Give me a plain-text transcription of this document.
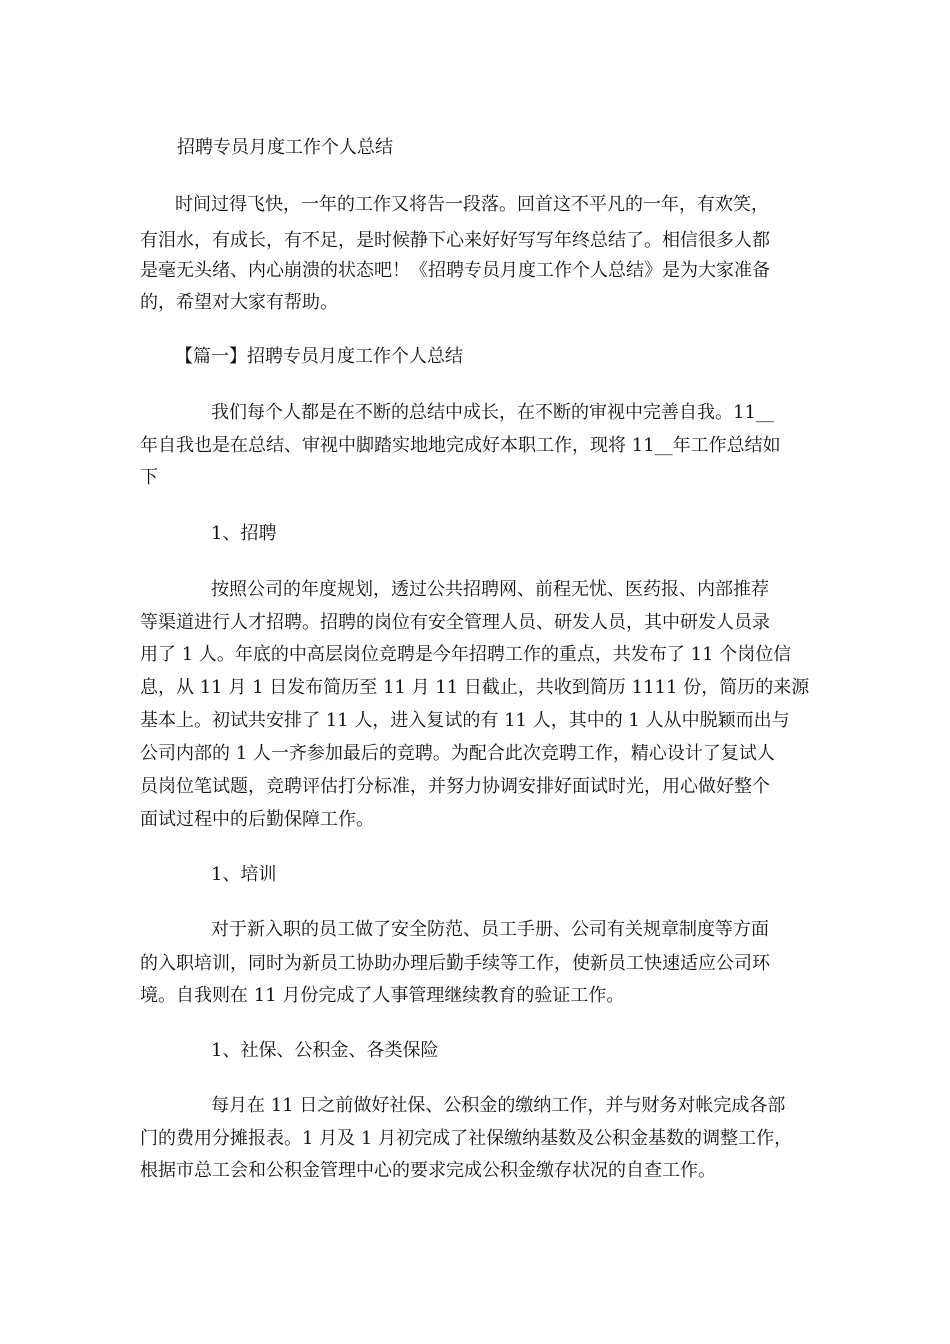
招聘专员月度工作个人总结
时间过得飞快，一年的工作又将告一段落。回首这不平凡的一年，有欢笑，
有泪水，有成长，有不足，是时候静下心来好好写写年终总结了。相信很多人都
是毫无头绪、内心崩溃的状态吧！《招聘专员月度工作个人总结》是为大家准备
的，希望对大家有帮助。
【篇一】招聘专员月度工作个人总结
我们每个人都是在不断的总结中成长，在不断的审视中完善自我。11__
年自我也是在总结、审视中脚踏实地地完成好本职工作，现将 11__年工作总结如
下
1、招聘
按照公司的年度规划，透过公共招聘网、前程无忧、医药报、内部推荐
等渠道进行人才招聘。招聘的岗位有安全管理人员、研发人员，其中研发人员录
用了 1 人。年底的中高层岗位竞聘是今年招聘工作的重点，共发布了 11 个岗位信
息，从 11 月 1 日发布简历至 11 月 11 日截止，共收到简历 1111 份，简历的来源
基本上。初试共安排了 11 人，进入复试的有 11 人，其中的 1 人从中脱颖而出与
公司内部的 1 人一齐参加最后的竞聘。为配合此次竞聘工作，精心设计了复试人
员岗位笔试题，竞聘评估打分标准，并努力协调安排好面试时光，用心做好整个
面试过程中的后勤保障工作。
1、培训
对于新入职的员工做了安全防范、员工手册、公司有关规章制度等方面
的入职培训，同时为新员工协助办理后勤手续等工作，使新员工快速适应公司环
境。自我则在 11 月份完成了人事管理继续教育的验证工作。
1、社保、公积金、各类保险
每月在 11 日之前做好社保、公积金的缴纳工作，并与财务对帐完成各部
门的费用分摊报表。1 月及 1 月初完成了社保缴纳基数及公积金基数的调整工作，
根据市总工会和公积金管理中心的要求完成公积金缴存状况的自查工作。
